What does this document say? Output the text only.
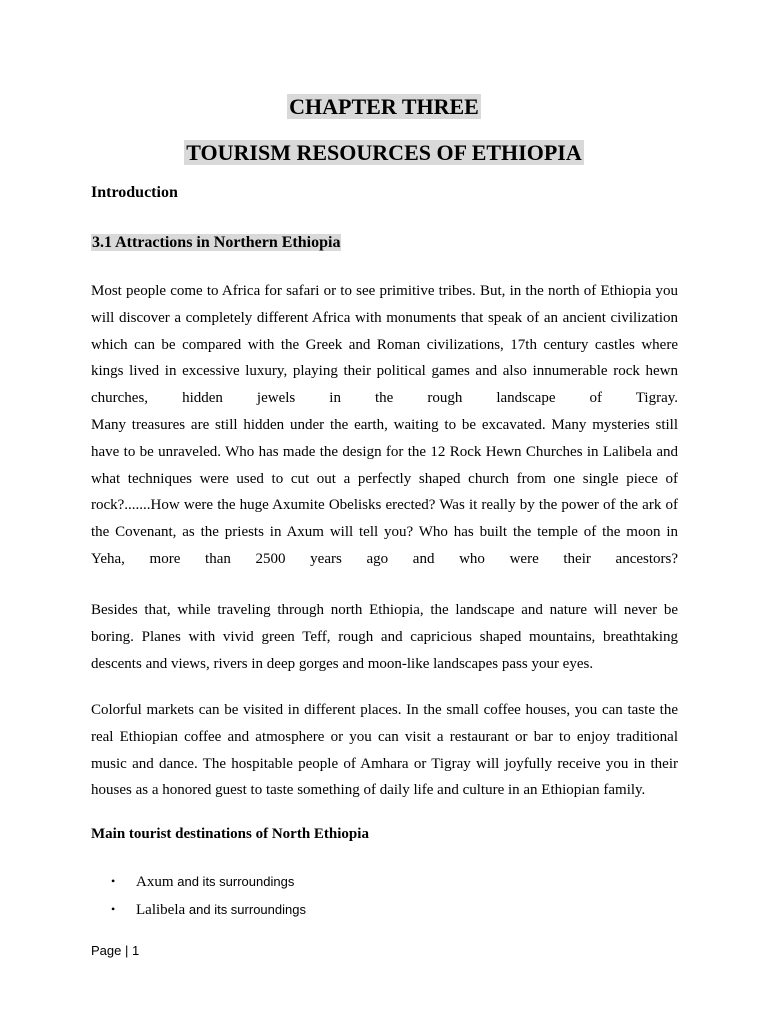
CHAPTER THREE
TOURISM RESOURCES OF ETHIOPIA
Introduction
3.1 Attractions in Northern Ethiopia
Most people come to Africa for safari or to see primitive tribes. But, in the north of Ethiopia you
will discover a completely different Africa with monuments that speak of an ancient civilization
which can be compared with the Greek and Roman civilizations, 17th century castles where
kings lived in excessive luxury, playing their political games and also innumerable rock hewn
churches, hidden jewels in the rough landscape of Tigray.
Many treasures are still hidden under the earth, waiting to be excavated. Many mysteries still
have to be unraveled. Who has made the design for the 12 Rock Hewn Churches in Lalibela and
what techniques were used to cut out a perfectly shaped church from one single piece of
rock?.......How were the huge Axumite Obelisks erected? Was it really by the power of the ark of
the Covenant, as the priests in Axum will tell you? Who has built the temple of the moon in
Yeha, more than 2500 years ago and who were their ancestors?
Besides that, while traveling through north Ethiopia, the landscape and nature will never be
boring. Planes with vivid green Teff, rough and capricious shaped mountains, breathtaking
descents and views, rivers in deep gorges and moon-like landscapes pass your eyes.
Colorful markets can be visited in different places. In the small coffee houses, you can taste the
real Ethiopian coffee and atmosphere or you can visit a restaurant or bar to enjoy traditional
music and dance. The hospitable people of Amhara or Tigray will joyfully receive you in their
houses as a honored guest to taste something of daily life and culture in an Ethiopian family.
Main tourist destinations of North Ethiopia
• Axum and its surroundings
• Lalibela and its surroundings
Page | 1
